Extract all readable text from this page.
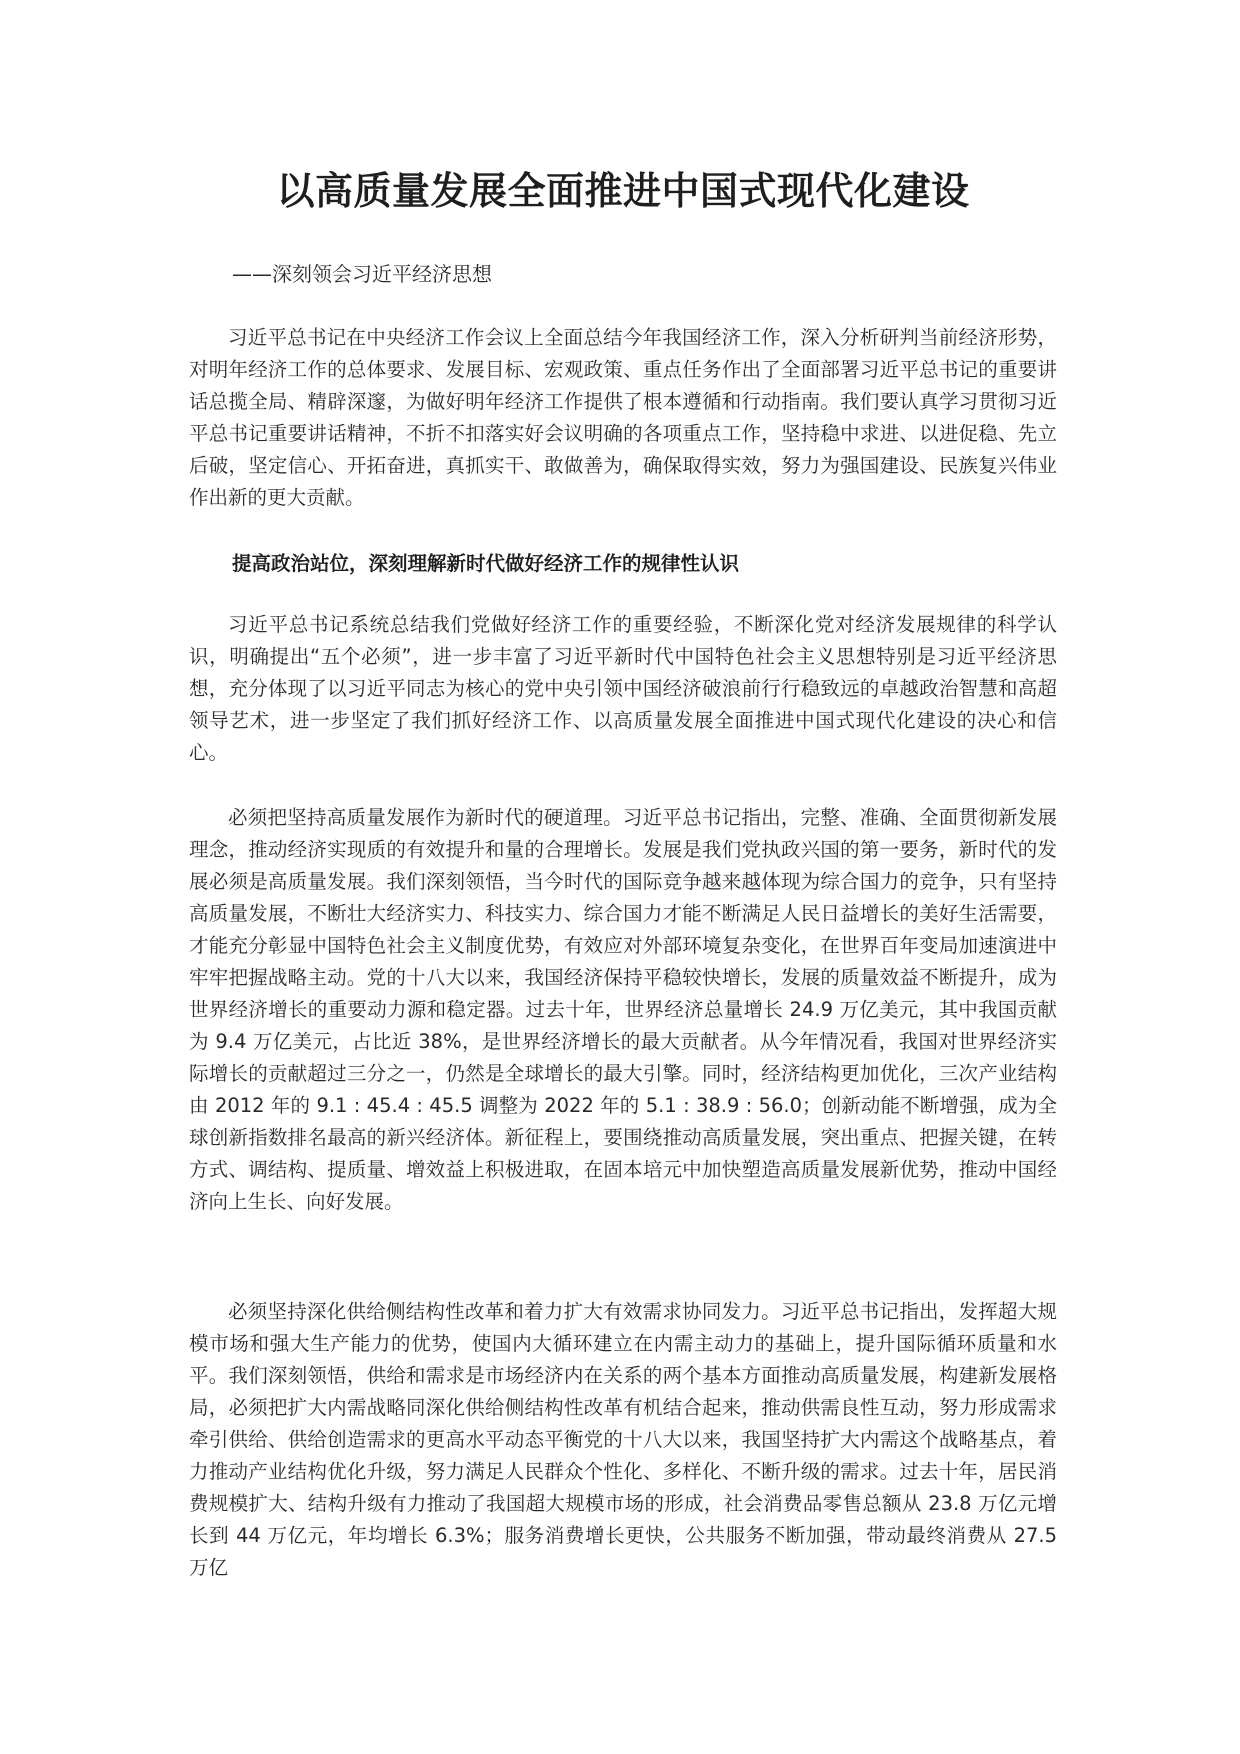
以高质量发展全面推进中国式现代化建设
——深刻领会习近平经济思想

习近平总书记在中央经济工作会议上全面总结今年我国经济工作，深入分析研判当前经济形势，对明年经济工作的总体要求、发展目标、宏观政策、重点任务作出了全面部署习近平总书记的重要讲话总揽全局、精辟深邃，为做好明年经济工作提供了根本遵循和行动指南。我们要认真学习贯彻习近平总书记重要讲话精神，不折不扣落实好会议明确的各项重点工作，坚持稳中求进、以进促稳、先立后破，坚定信心、开拓奋进，真抓实干、敢做善为，确保取得实效，努力为强国建设、民族复兴伟业作出新的更大贡献。

提高政治站位，深刻理解新时代做好经济工作的规律性认识

习近平总书记系统总结我们党做好经济工作的重要经验，不断深化党对经济发展规律的科学认识，明确提出“五个必须”，进一步丰富了习近平新时代中国特色社会主义思想特别是习近平经济思想，充分体现了以习近平同志为核心的党中央引领中国经济破浪前行行稳致远的卓越政治智慧和高超领导艺术，进一步坚定了我们抓好经济工作、以高质量发展全面推进中国式现代化建设的决心和信心。

必须把坚持高质量发展作为新时代的硬道理。习近平总书记指出，完整、准确、全面贯彻新发展理念，推动经济实现质的有效提升和量的合理增长。发展是我们党执政兴国的第一要务，新时代的发展必须是高质量发展。我们深刻领悟，当今时代的国际竞争越来越体现为综合国力的竞争，只有坚持高质量发展，不断壮大经济实力、科技实力、综合国力才能不断满足人民日益增长的美好生活需要，才能充分彰显中国特色社会主义制度优势，有效应对外部环境复杂变化，在世界百年变局加速演进中牢牢把握战略主动。党的十八大以来，我国经济保持平稳较快增长，发展的质量效益不断提升，成为世界经济增长的重要动力源和稳定器。过去十年，世界经济总量增长 24.9 万亿美元，其中我国贡献为 9.4 万亿美元，占比近 38%，是世界经济增长的最大贡献者。从今年情况看，我国对世界经济实际增长的贡献超过三分之一，仍然是全球增长的最大引擎。同时，经济结构更加优化，三次产业结构由 2012 年的 9.1 : 45.4 : 45.5 调整为 2022 年的 5.1 : 38.9 : 56.0；创新动能不断增强，成为全球创新指数排名最高的新兴经济体。新征程上，要围绕推动高质量发展，突出重点、把握关键，在转方式、调结构、提质量、增效益上积极进取，在固本培元中加快塑造高质量发展新优势，推动中国经济向上生长、向好发展。

必须坚持深化供给侧结构性改革和着力扩大有效需求协同发力。习近平总书记指出，发挥超大规模市场和强大生产能力的优势，使国内大循环建立在内需主动力的基础上，提升国际循环质量和水平。我们深刻领悟，供给和需求是市场经济内在关系的两个基本方面推动高质量发展，构建新发展格局，必须把扩大内需战略同深化供给侧结构性改革有机结合起来，推动供需良性互动，努力形成需求牵引供给、供给创造需求的更高水平动态平衡党的十八大以来，我国坚持扩大内需这个战略基点，着力推动产业结构优化升级，努力满足人民群众个性化、多样化、不断升级的需求。过去十年，居民消费规模扩大、结构升级有力推动了我国超大规模市场的形成，社会消费品零售总额从 23.8 万亿元增长到 44 万亿元，年均增长 6.3%；服务消费增长更快，公共服务不断加强，带动最终消费从 27.5 万亿
